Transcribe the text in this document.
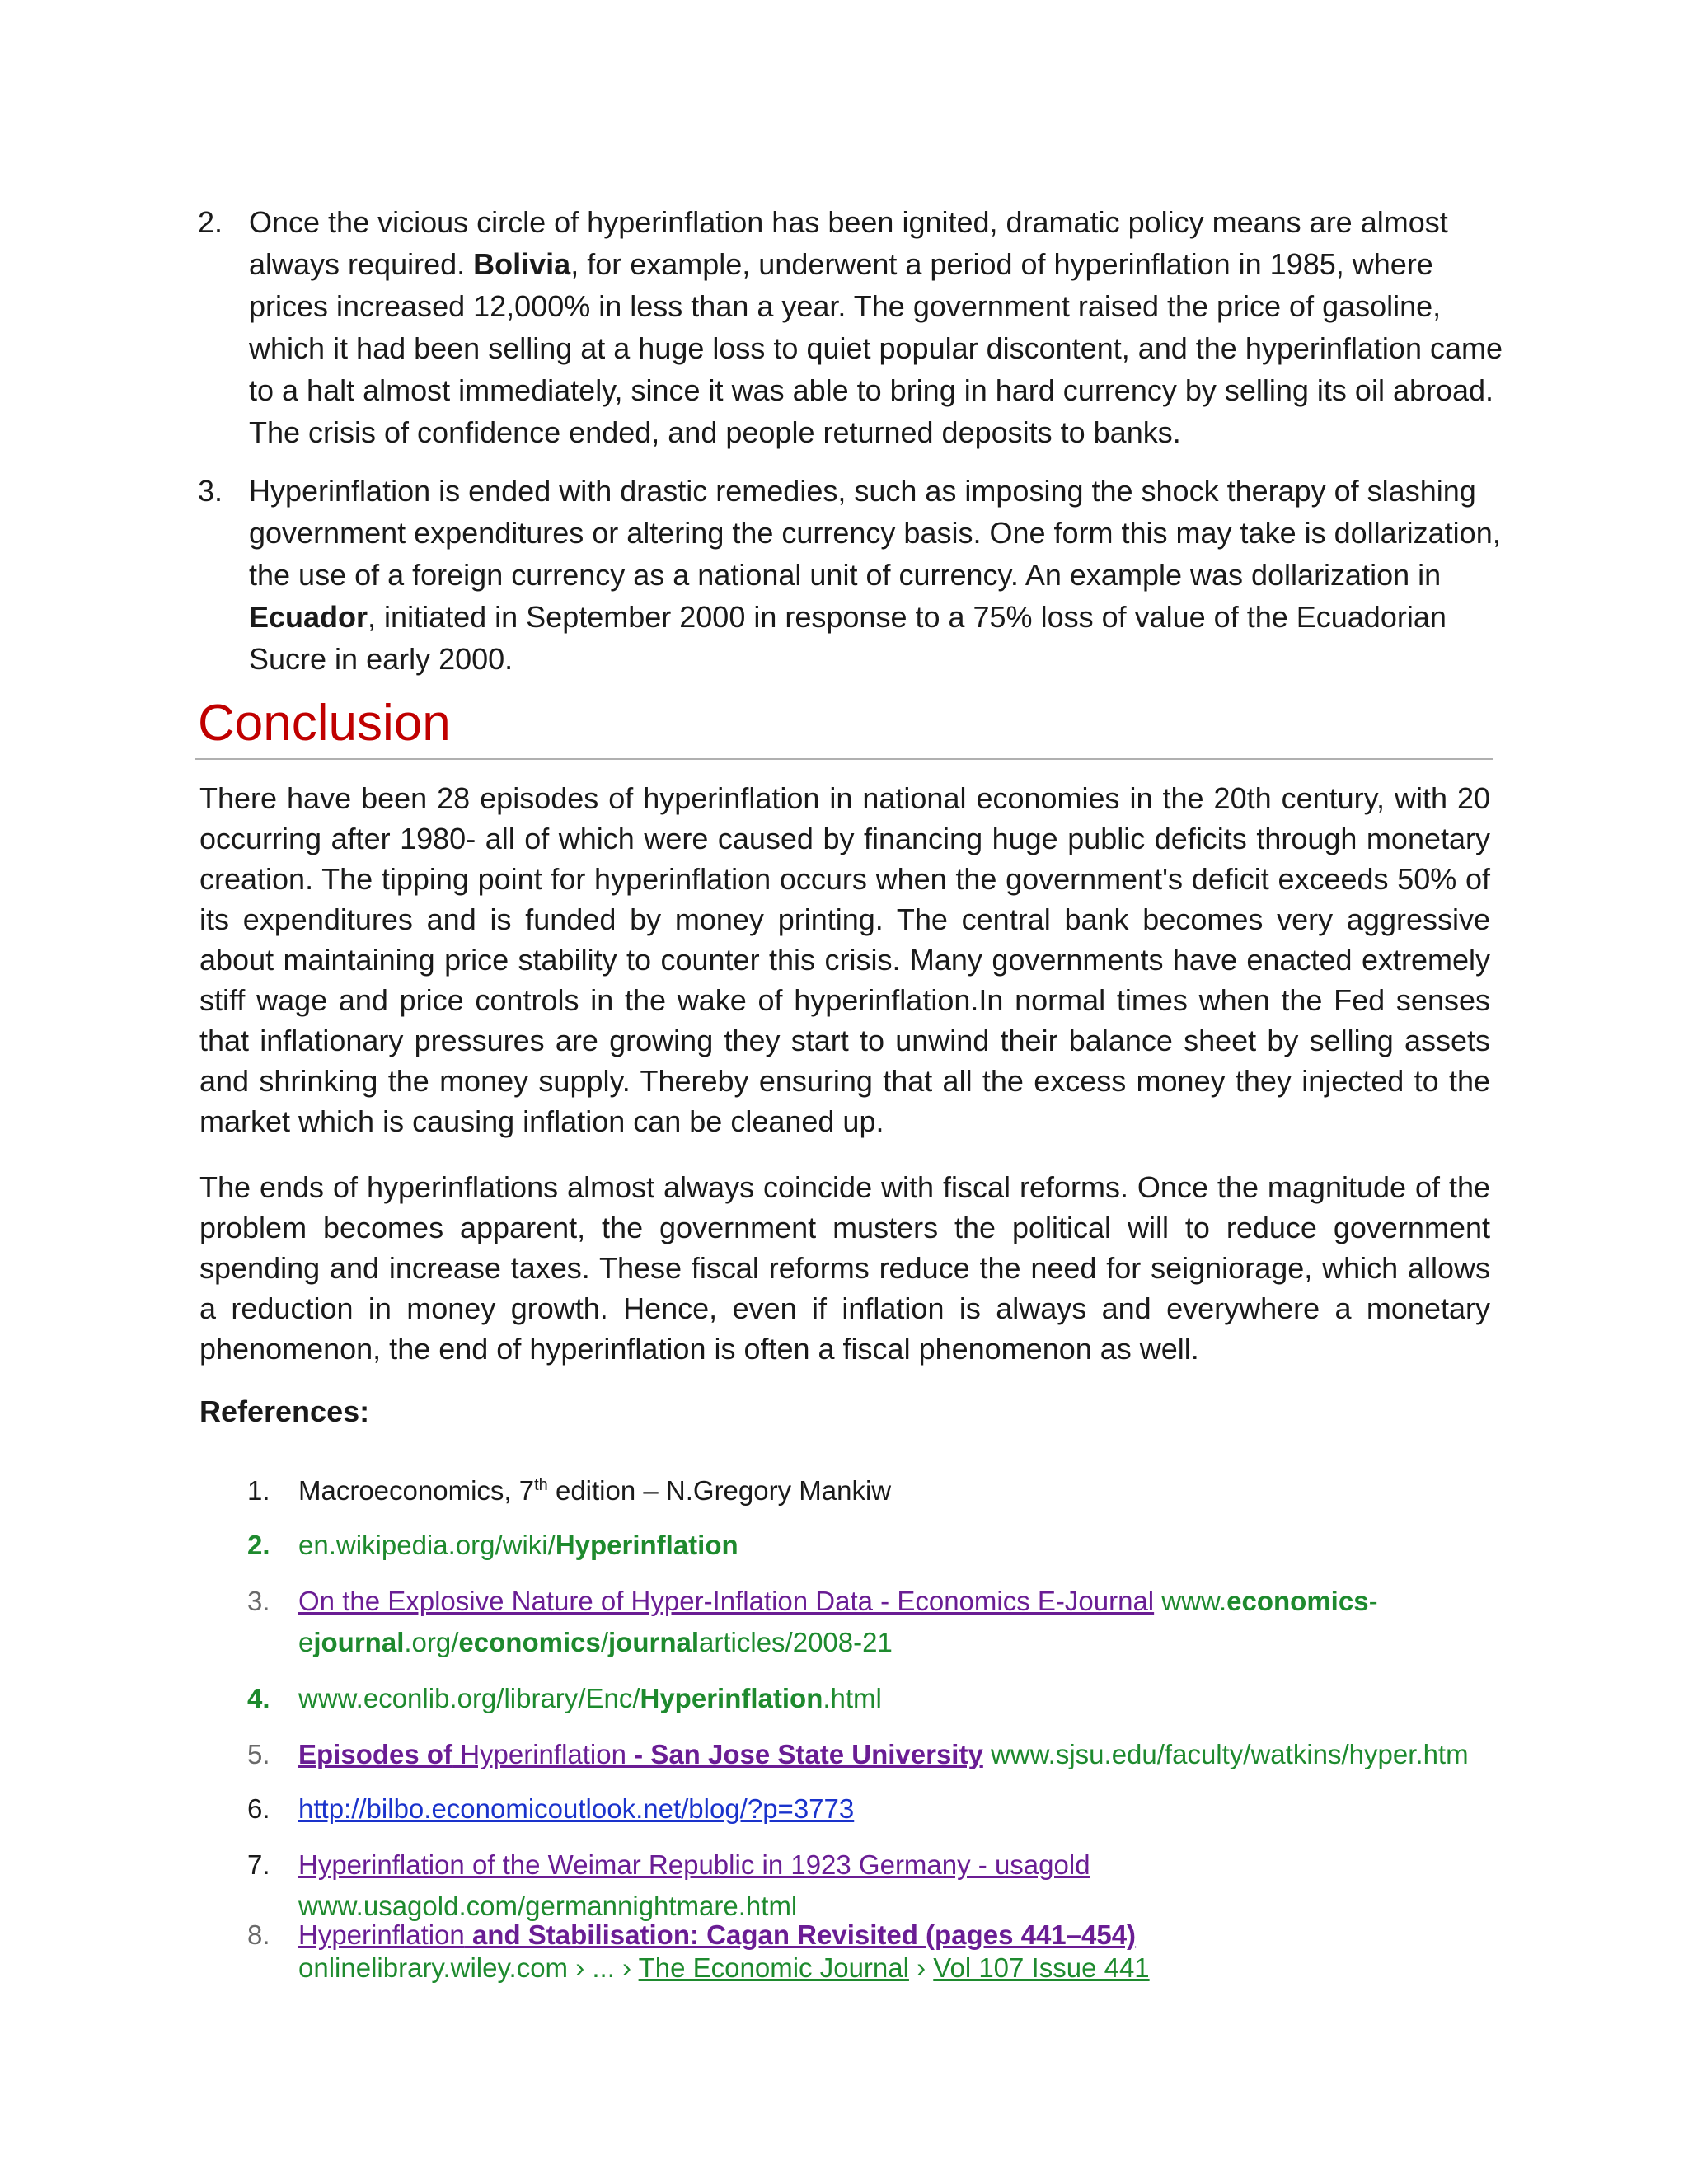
2. Once the vicious circle of hyperinflation has been ignited, dramatic policy means are almost always required. Bolivia, for example, underwent a period of hyperinflation in 1985, where prices increased 12,000% in less than a year. The government raised the price of gasoline, which it had been selling at a huge loss to quiet popular discontent, and the hyperinflation came to a halt almost immediately, since it was able to bring in hard currency by selling its oil abroad. The crisis of confidence ended, and people returned deposits to banks.
3. Hyperinflation is ended with drastic remedies, such as imposing the shock therapy of slashing government expenditures or altering the currency basis. One form this may take is dollarization, the use of a foreign currency as a national unit of currency. An example was dollarization in Ecuador, initiated in September 2000 in response to a 75% loss of value of the Ecuadorian Sucre in early 2000.
Conclusion

There have been 28 episodes of hyperinflation in national economies in the 20th century, with 20 occurring after 1980- all of which were caused by financing huge public deficits through monetary creation. The tipping point for hyperinflation occurs when the government's deficit exceeds 50% of its expenditures and is funded by money printing. The central bank becomes very aggressive about maintaining price stability to counter this crisis. Many governments have enacted extremely stiff wage and price controls in the wake of hyperinflation.In normal times when the Fed senses that inflationary pressures are growing they start to unwind their balance sheet by selling assets and shrinking the money supply. Thereby ensuring that all the excess money they injected to the market which is causing inflation can be cleaned up.

The ends of hyperinflations almost always coincide with fiscal reforms. Once the magnitude of the problem becomes apparent, the government musters the political will to reduce government spending and increase taxes. These fiscal reforms reduce the need for seigniorage, which allows a reduction in money growth. Hence, even if inflation is always and everywhere a monetary phenomenon, the end of hyperinflation is often a fiscal phenomenon as well.

References:

1. Macroeconomics, 7th edition – N.Gregory Mankiw
2. en.wikipedia.org/wiki/Hyperinflation
3. On the Explosive Nature of Hyper-Inflation Data - Economics E-Journal www.economics-ejournal.org/economics/journalarticles/2008-21
4. www.econlib.org/library/Enc/Hyperinflation.html
5. Episodes of Hyperinflation - San Jose State University www.sjsu.edu/faculty/watkins/hyper.htm
6. http://bilbo.economicoutlook.net/blog/?p=3773
7. Hyperinflation of the Weimar Republic in 1923 Germany - usagold
www.usagold.com/germannightmare.html
8. Hyperinflation and Stabilisation: Cagan Revisited (pages 441–454)
onlinelibrary.wiley.com › ... › The Economic Journal › Vol 107 Issue 441
